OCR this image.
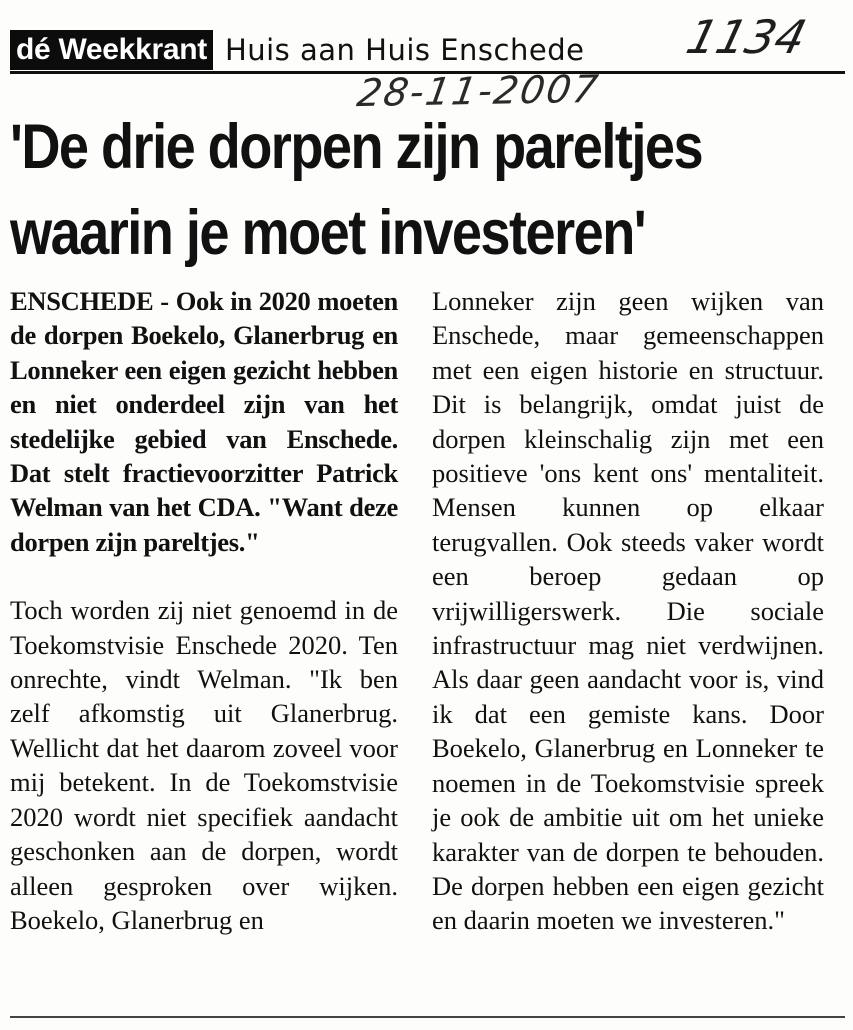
dé Weekkrant Huis aan Huis Enschede 1134
28-11-2007
'De drie dorpen zijn pareltjes
waarin je moet investeren'

ENSCHEDE - Ook in 2020 moeten de dorpen Boekelo, Glanerbrug en Lonneker een eigen gezicht hebben en niet onderdeel zijn van het stedelijke gebied van Enschede. Dat stelt fractievoorzitter Patrick Welman van het CDA. "Want deze dorpen zijn pareltjes."

Toch worden zij niet genoemd in de Toekomstvisie Enschede 2020. Ten onrechte, vindt Welman. "Ik ben zelf afkomstig uit Glanerbrug. Wellicht dat het daarom zoveel voor mij betekent. In de Toekomstvisie 2020 wordt niet specifiek aandacht geschonken aan de dorpen, wordt alleen gesproken over wijken. Boekelo, Glanerbrug en

Lonneker zijn geen wijken van Enschede, maar gemeenschappen met een eigen historie en structuur. Dit is belangrijk, omdat juist de dorpen kleinschalig zijn met een positieve 'ons kent ons' mentaliteit. Mensen kunnen op elkaar terugvallen. Ook steeds vaker wordt een beroep gedaan op vrijwilligerswerk. Die sociale infrastructuur mag niet verdwijnen. Als daar geen aandacht voor is, vind ik dat een gemiste kans. Door Boekelo, Glanerbrug en Lonneker te noemen in de Toekomstvisie spreek je ook de ambitie uit om het unieke karakter van de dorpen te behouden. De dorpen hebben een eigen gezicht en daarin moeten we investeren."
